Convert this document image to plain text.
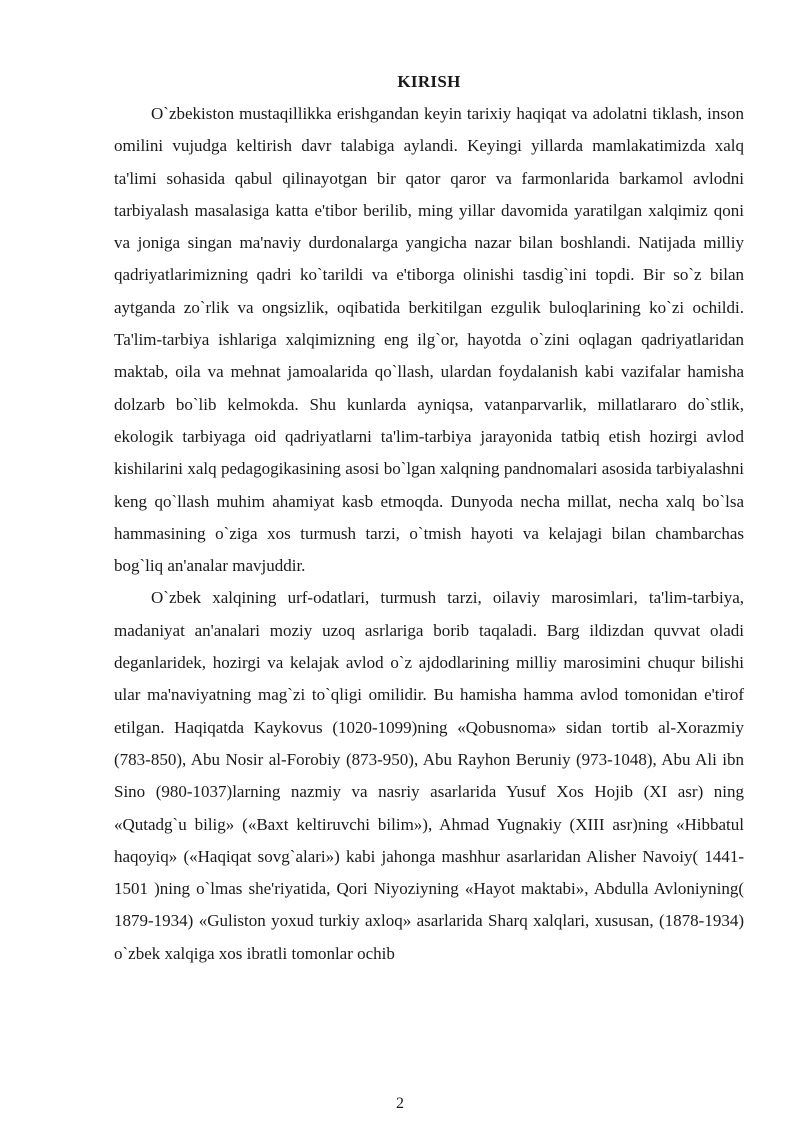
KIRISH

O`zbekiston mustaqillikka erishgandan keyin tarixiy haqiqat va adolatni tiklash, inson omilini vujudga keltirish davr talabiga aylandi. Keyingi yillarda mamlakatimizda xalq ta'limi sohasida qabul qilinayotgan bir qator qaror va farmonlarida barkamol avlodni tarbiyalash masalasiga katta e'tibor berilib, ming yillar davomida yaratilgan xalqimiz qoni va joniga singan ma'naviy durdonalarga yangicha nazar bilan boshlandi. Natijada milliy qadriyatlarimizning qadri ko`tarildi va e'tiborga olinishi tasdig`ini topdi. Bir so`z bilan aytganda zo`rlik va ongsizlik, oqibatida berkitilgan ezgulik buloqlarining ko`zi ochildi. Ta'lim-tarbiya ishlariga xalqimizning eng ilg`or, hayotda o`zini oqlagan qadriyatlaridan maktab, oila va mehnat jamoalarida qo`llash, ulardan foydalanish kabi vazifalar hamisha dolzarb bo`lib kelmokda. Shu kunlarda ayniqsa, vatanparvarlik, millatlararo do`stlik, ekologik tarbiyaga oid qadriyatlarni ta'lim-tarbiya jarayonida tatbiq etish hozirgi avlod kishilarini xalq pedagogikasining asosi bo`lgan xalqning pandnomalari asosida tarbiyalashni keng qo`llash muhim ahamiyat kasb etmoqda. Dunyoda necha millat, necha xalq bo`lsa hammasining o`ziga xos turmush tarzi, o`tmish hayoti va kelajagi bilan chambarchas bog`liq an'analar mavjuddir.

O`zbek xalqining urf-odatlari, turmush tarzi, oilaviy marosimlari, ta'lim-tarbiya, madaniyat an'analari moziy uzoq asrlariga borib taqaladi. Barg ildizdan quvvat oladi deganlaridek, hozirgi va kelajak avlod o`z ajdodlarining milliy marosimini chuqur bilishi ular ma'naviyatning mag`zi to`qligi omilidir. Bu hamisha hamma avlod tomonidan e'tirof etilgan. Haqiqatda Kaykovus (1020-1099)ning «Qobusnoma» sidan tortib al-Xorazmiy (783-850), Abu Nosir al-Forobiy (873-950), Abu Rayhon Beruniy (973-1048), Abu Ali ibn Sino (980-1037)larning nazmiy va nasriy asarlarida Yusuf Xos Hojib (XI asr) ning «Qutadg`u bilig» («Baxt keltiruvchi bilim»), Ahmad Yugnakiy (XIII asr)ning «Hibbatul haqoyiq» («Haqiqat sovg`alari») kabi jahonga mashhur asarlaridan Alisher Navoiy( 1441-1501 )ning o`lmas she'riyatida, Qori Niyoziyning «Hayot maktabi», Abdulla Avloniyning( 1879-1934) «Guliston yoxud turkiy axloq» asarlarida Sharq xalqlari, xususan, (1878-1934) o`zbek xalqiga xos ibratli tomonlar ochib

2
